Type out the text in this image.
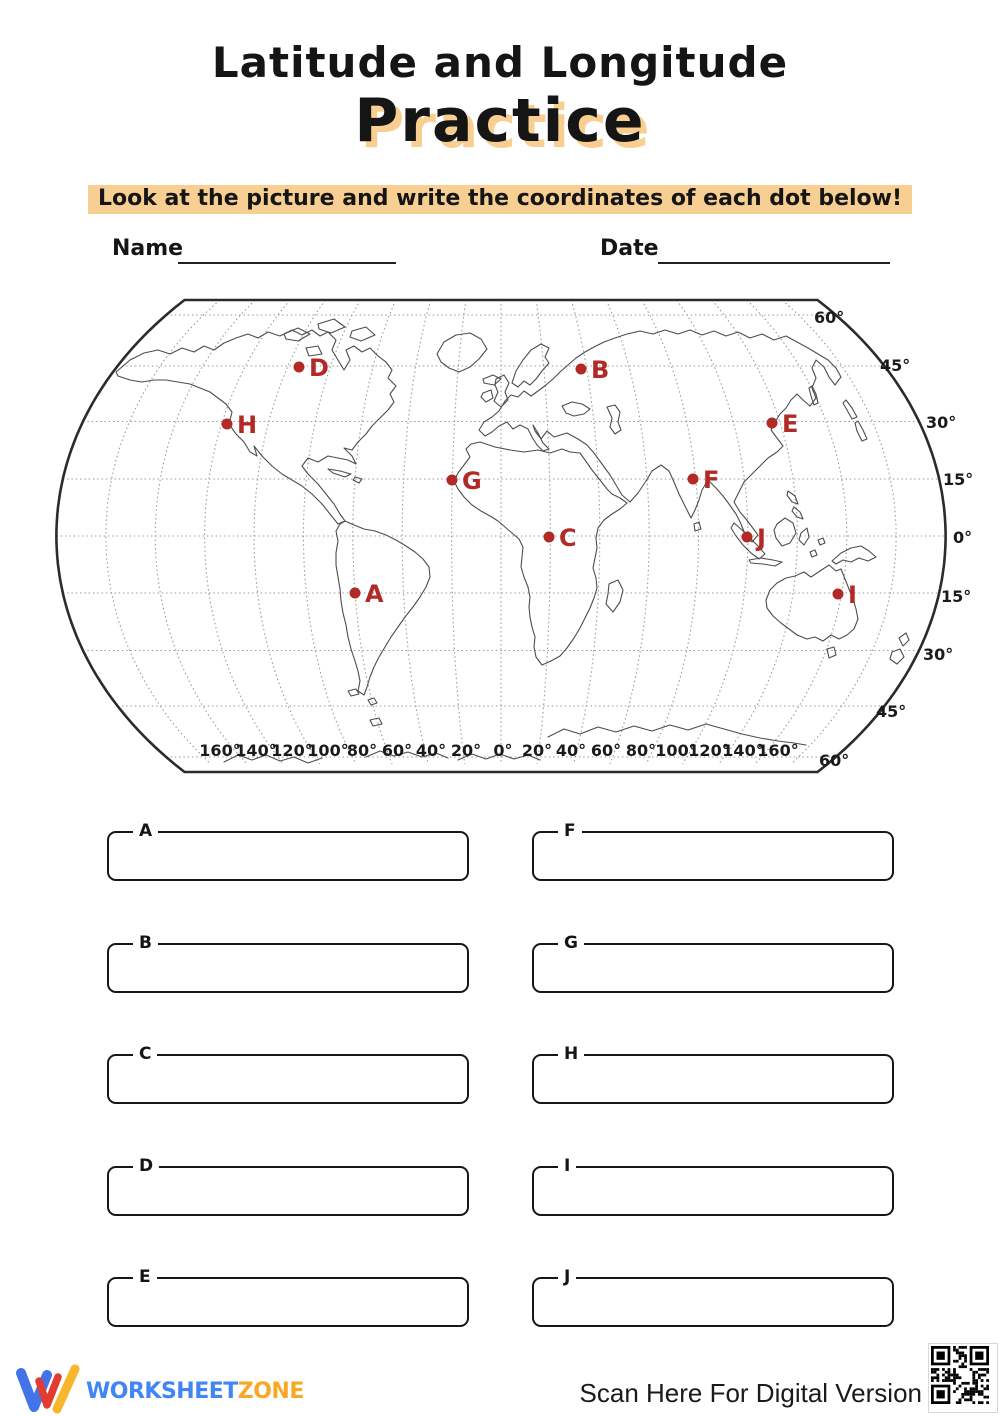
Latitude and Longitude
Practice
Look at the picture and write the coordinates of each dot below!
Name	Date
60°
45°
30°
15°
0°
15°
30°
45°
60°
160°
140°
120°
100°
80° 60° 40° 20° 0° 20° 40° 60° 80° 100°
120°
140°
160°
A
B
C
D
E
F
G
H
I
J
A	F
B	G
C	H
D	I
E	J
WORKSHEETZONE	Scan Here For Digital Version
